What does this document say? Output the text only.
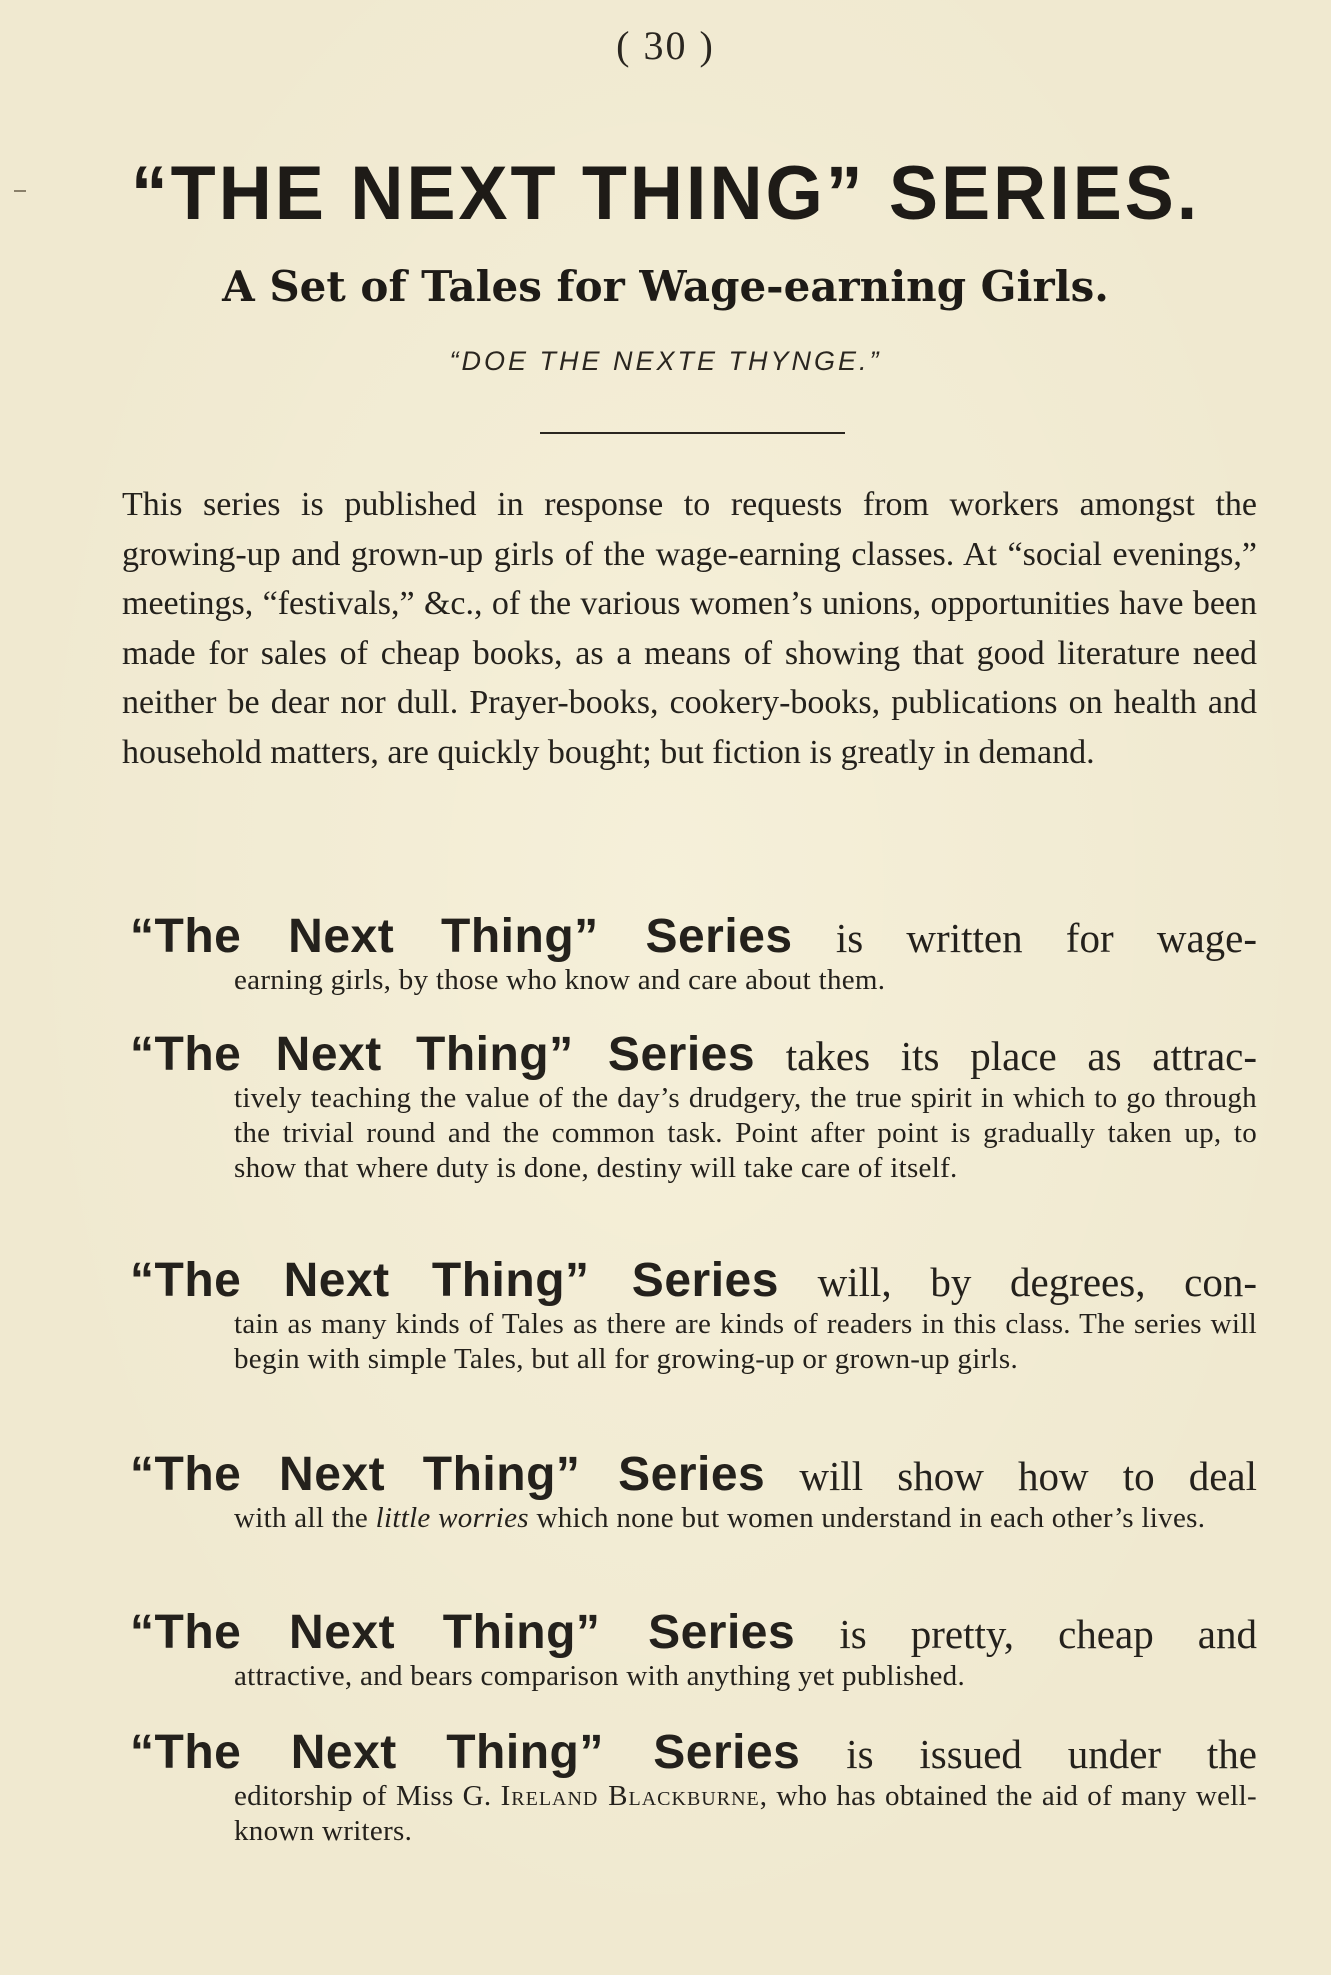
( 30 )
“THE NEXT THING” SERIES.
A Set of Tales for Wage-earning Girls.
“DOE THE NEXTE THYNGE.”
This series is published in response to requests from workers amongst the growing-up and grown-up girls of the wage-earning classes. At “social evenings,” meetings, “festivals,” &c., of the various women’s unions, opportunities have been made for sales of cheap books, as a means of showing that good literature need neither be dear nor dull. Prayer-books, cookery-books, publications on health and household matters, are quickly bought; but fiction is greatly in demand.
“The Next Thing” Series is written for wage-
earning girls, by those who know and care about them.
“The Next Thing” Series takes its place as attrac-
tively teaching the value of the day’s drudgery, the true spirit in which to go through the trivial round and the common task. Point after point is gradually taken up, to show that where duty is done, destiny will take care of itself.
“The Next Thing” Series will, by degrees, con-
tain as many kinds of Tales as there are kinds of readers in this class. The series will begin with simple Tales, but all for growing-up or grown-up girls.
“The Next Thing” Series will show how to deal
with all the little worries which none but women understand in each other’s lives.
“The Next Thing” Series is pretty, cheap and
attractive, and bears comparison with anything yet published.
“The Next Thing” Series is issued under the
editorship of Miss G. Ireland Blackburne, who has obtained the aid of many well-known writers.
